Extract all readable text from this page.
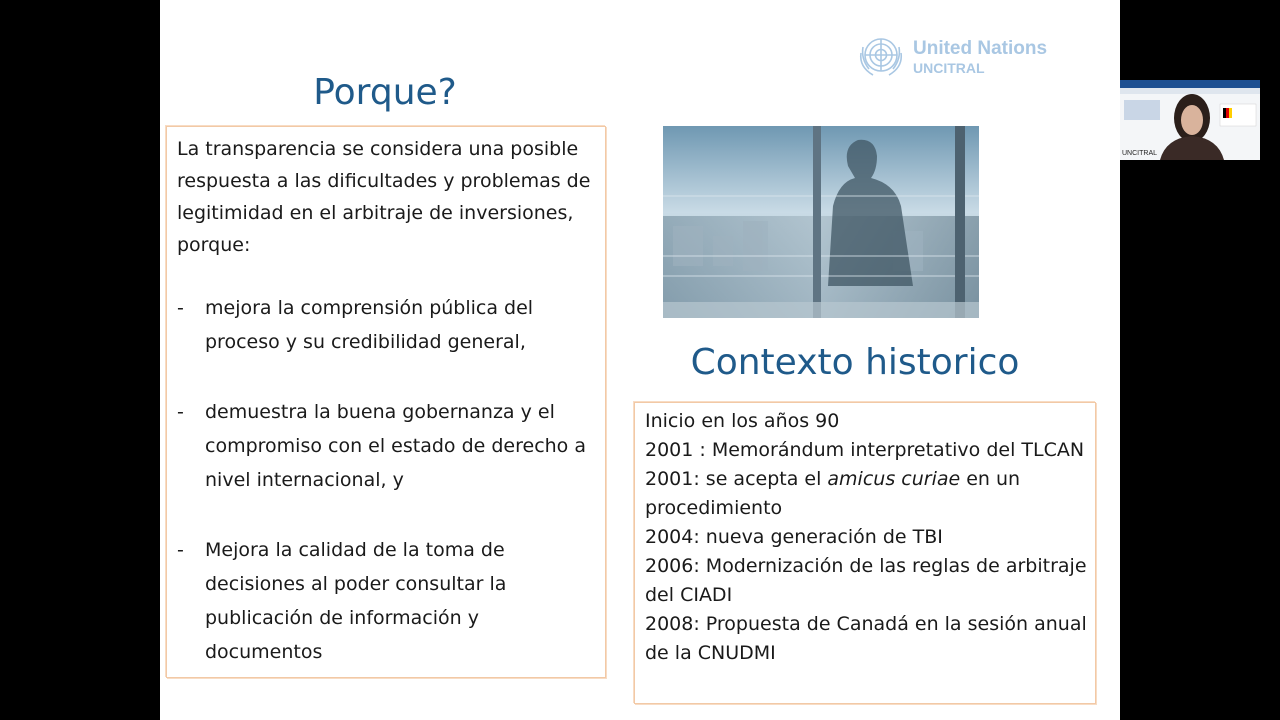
United Nations
UNCITRAL
Porque?
La transparencia se considera una posible respuesta a las dificultades y problemas de legitimidad en el arbitraje de inversiones, porque:
-	mejora la comprensión pública del proceso y su credibilidad general,
-	demuestra la buena gobernanza y el compromiso con el estado de derecho a nivel internacional, y
-	Mejora la calidad de la toma de decisiones al poder consultar la publicación de información y documentos
Contexto historico
Inicio en los años 90
2001 : Memorándum interpretativo del TLCAN
2001: se acepta el amicus curiae en un procedimiento
2004: nueva generación de TBI
2006: Modernización de las reglas de arbitraje del CIADI
2008: Propuesta de Canadá en la sesión anual de la CNUDMI
UNCITRAL
